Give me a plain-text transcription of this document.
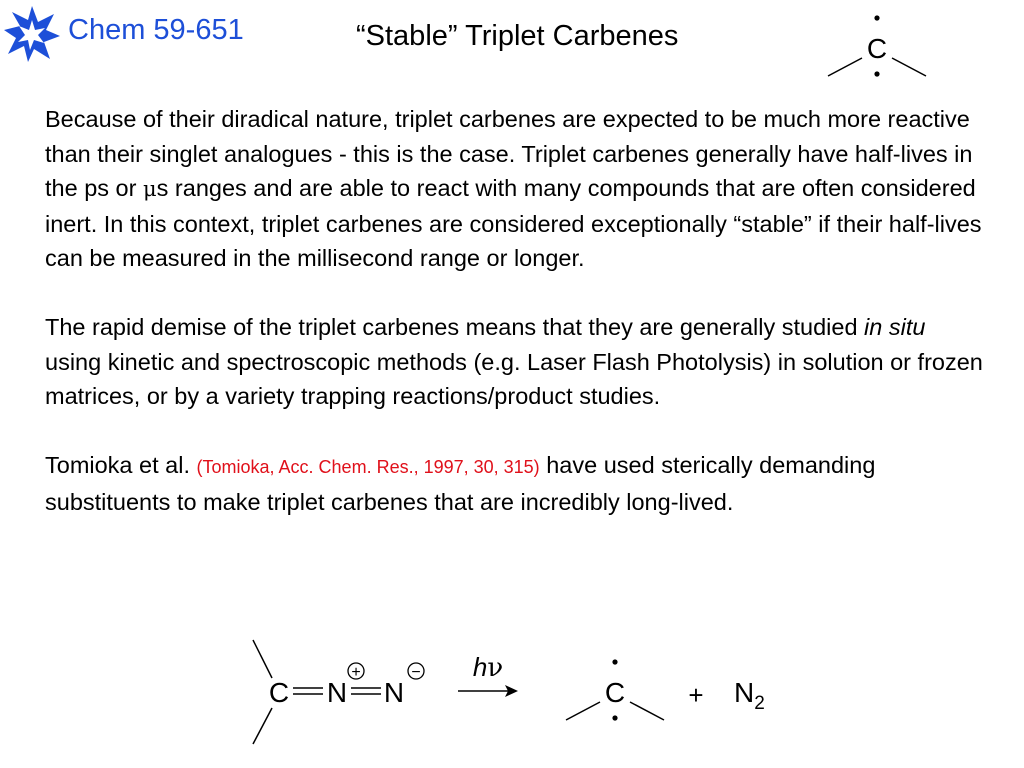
Chem 59-651	“Stable” Triplet Carbenes	C

Because of their diradical nature, triplet carbenes are expected to be much more reactive than their singlet analogues - this is the case. Triplet carbenes generally have half-lives in the ps or μs ranges and are able to react with many compounds that are often considered inert. In this context, triplet carbenes are considered exceptionally “stable” if their half-lives can be measured in the millisecond range or longer.

The rapid demise of the triplet carbenes means that they are generally studied in situ using kinetic and spectroscopic methods (e.g. Laser Flash Photolysis) in solution or frozen matrices, or by a variety trapping reactions/product studies.

Tomioka et al. (Tomioka, Acc. Chem. Res., 1997, 30, 315) have used sterically demanding substituents to make triplet carbenes that are incredibly long-lived.

C N N
+	− hν
$C + N_2$
